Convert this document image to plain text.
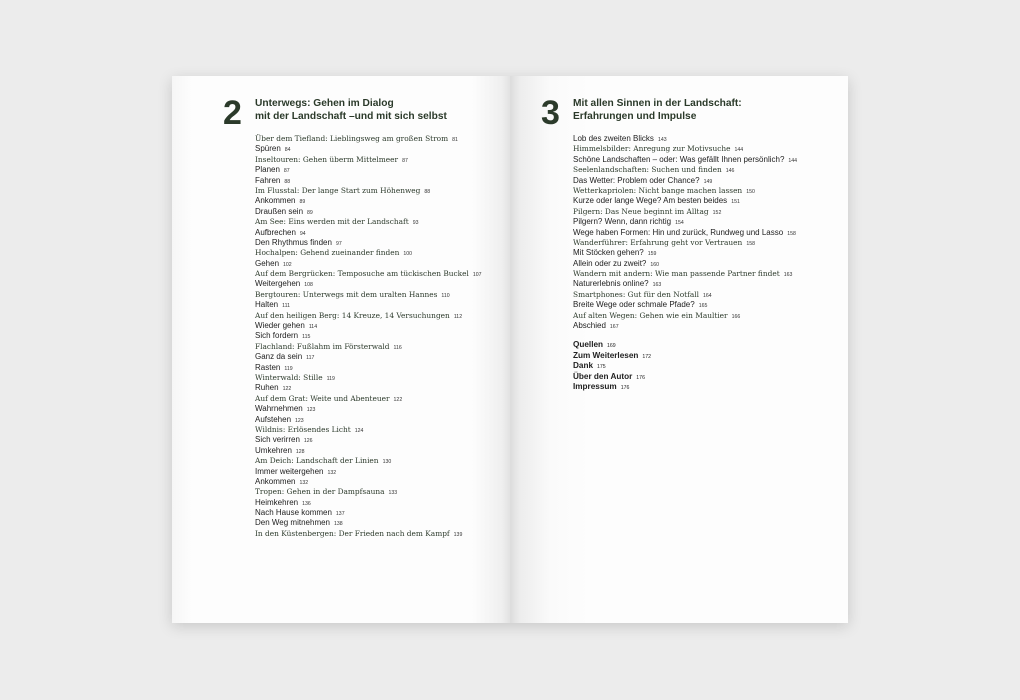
2 Unterwegs: Gehen im Dialog
mit der Landschaft –und mit sich selbst
Über dem Tiefland: Lieblingsweg am großen Strom 81
Spüren 84
Inseltouren: Gehen überm Mittelmeer 87
Planen 87
Fahren 88
Im Flusstal: Der lange Start zum Höhenweg 88
Ankommen 89
Draußen sein 89
Am See: Eins werden mit der Landschaft 93
Aufbrechen 94
Den Rhythmus finden 97
Hochalpen: Gehend zueinander finden 100
Gehen 102
Auf dem Bergrücken: Temposuche am tückischen Buckel 107
Weitergehen 108
Bergtouren: Unterwegs mit dem uralten Hannes 110
Halten 111
Auf den heiligen Berg: 14 Kreuze, 14 Versuchungen 112
Wieder gehen 114
Sich fordern 115
Flachland: Fußlahm im Försterwald 116
Ganz da sein 117
Rasten 119
Winterwald: Stille 119
Ruhen 122
Auf dem Grat: Weite und Abenteuer 122
Wahrnehmen 123
Aufstehen 123
Wildnis: Erlösendes Licht 124
Sich verirren 126
Umkehren 128
Am Deich: Landschaft der Linien 130
Immer weitergehen 132
Ankommen 132
Tropen: Gehen in der Dampfsauna 133
Heimkehren 136
Nach Hause kommen 137
Den Weg mitnehmen 138
In den Küstenbergen: Der Frieden nach dem Kampf 139
3 Mit allen Sinnen in der Landschaft:
Erfahrungen und Impulse
Lob des zweiten Blicks 143
Himmelsbilder: Anregung zur Motivsuche 144
Schöne Landschaften – oder: Was gefällt Ihnen persönlich? 144
Seelenlandschaften: Suchen und finden 146
Das Wetter: Problem oder Chance? 149
Wetterkapriolen: Nicht bange machen lassen 150
Kurze oder lange Wege? Am besten beides 151
Pilgern: Das Neue beginnt im Alltag 152
Pilgern? Wenn, dann richtig 154
Wege haben Formen: Hin und zurück, Rundweg und Lasso 158
Wanderführer: Erfahrung geht vor Vertrauen 158
Mit Stöcken gehen? 159
Allein oder zu zweit? 160
Wandern mit andern: Wie man passende Partner findet 163
Naturerlebnis online? 163
Smartphones: Gut für den Notfall 164
Breite Wege oder schmale Pfade? 165
Auf alten Wegen: Gehen wie ein Maultier 166
Abschied 167
Quellen 169
Zum Weiterlesen 172
Dank 175
Über den Autor 176
Impressum 176
